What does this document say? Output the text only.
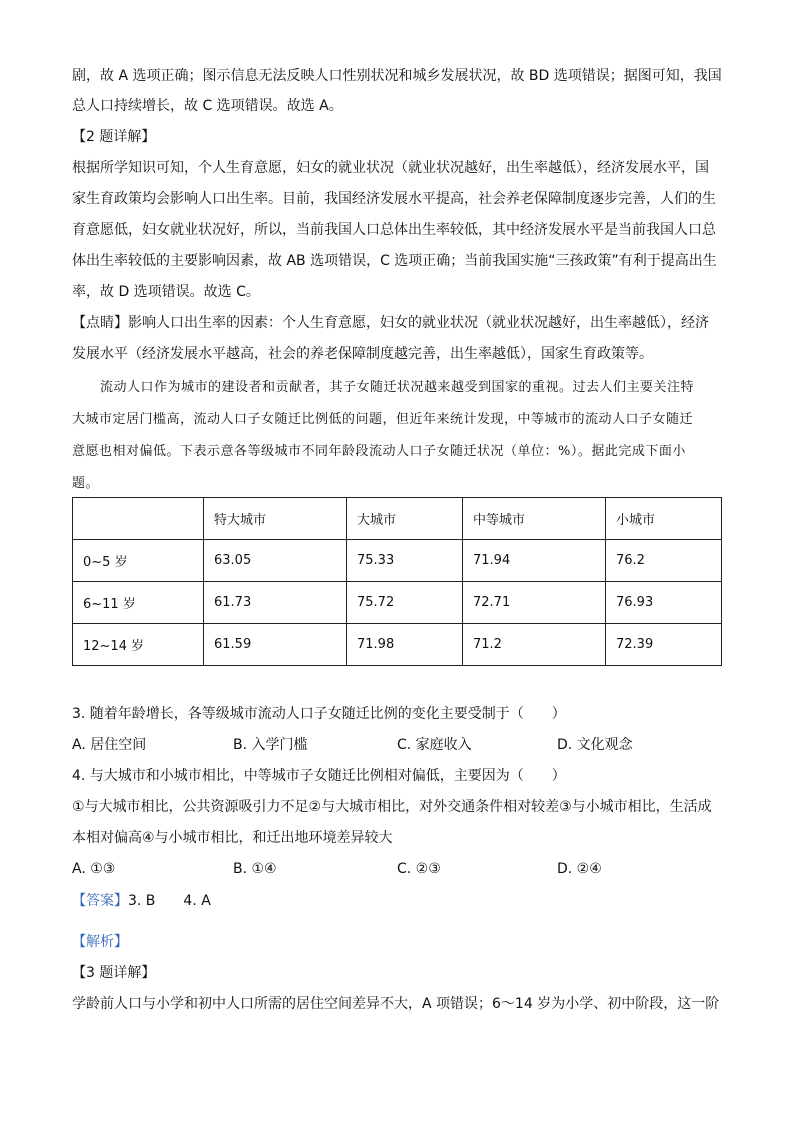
剧，故 A 选项正确；图示信息无法反映人口性别状况和城乡发展状况，故 BD 选项错误；据图可知，我国
总人口持续增长，故 C 选项错误。故选 A。
【2 题详解】
根据所学知识可知，个人生育意愿，妇女的就业状况（就业状况越好，出生率越低），经济发展水平，国
家生育政策均会影响人口出生率。目前，我国经济发展水平提高，社会养老保障制度逐步完善，人们的生
育意愿低，妇女就业状况好，所以，当前我国人口总体出生率较低，其中经济发展水平是当前我国人口总
体出生率较低的主要影响因素，故 AB 选项错误，C 选项正确；当前我国实施“三孩政策”有利于提高出生
率，故 D 选项错误。故选 C。
【点睛】影响人口出生率的因素：个人生育意愿，妇女的就业状况（就业状况越好，出生率越低），经济
发展水平（经济发展水平越高，社会的养老保障制度越完善，出生率越低），国家生育政策等。
流动人口作为城市的建设者和贡献者，其子女随迁状况越来越受到国家的重视。过去人们主要关注特
大城市定居门槛高，流动人口子女随迁比例低的问题，但近年来统计发现，中等城市的流动人口子女随迁
意愿也相对偏低。下表示意各等级城市不同年龄段流动人口子女随迁状况（单位：%）。据此完成下面小
题。
	特大城市	大城市	中等城市	小城市
0~5 岁	63.05	75.33	71.94	76.2
6~11 岁	61.73	75.72	72.71	76.93
12~14 岁	61.59	71.98	71.2	72.39
3. 随着年龄增长，各等级城市流动人口子女随迁比例的变化主要受制于（　　）
A. 居住空间	B. 入学门槛	C. 家庭收入	D. 文化观念
4. 与大城市和小城市相比，中等城市子女随迁比例相对偏低，主要因为（　　）
①与大城市相比，公共资源吸引力不足②与大城市相比，对外交通条件相对较差③与小城市相比，生活成
本相对偏高④与小城市相比，和迁出地环境差异较大
A. ①③	B. ①④	C. ②③	D. ②④
【答案】3. B　　4. A
【解析】
【3 题详解】
学龄前人口与小学和初中人口所需的居住空间差异不大，A 项错误；6～14 岁为小学、初中阶段，这一阶
